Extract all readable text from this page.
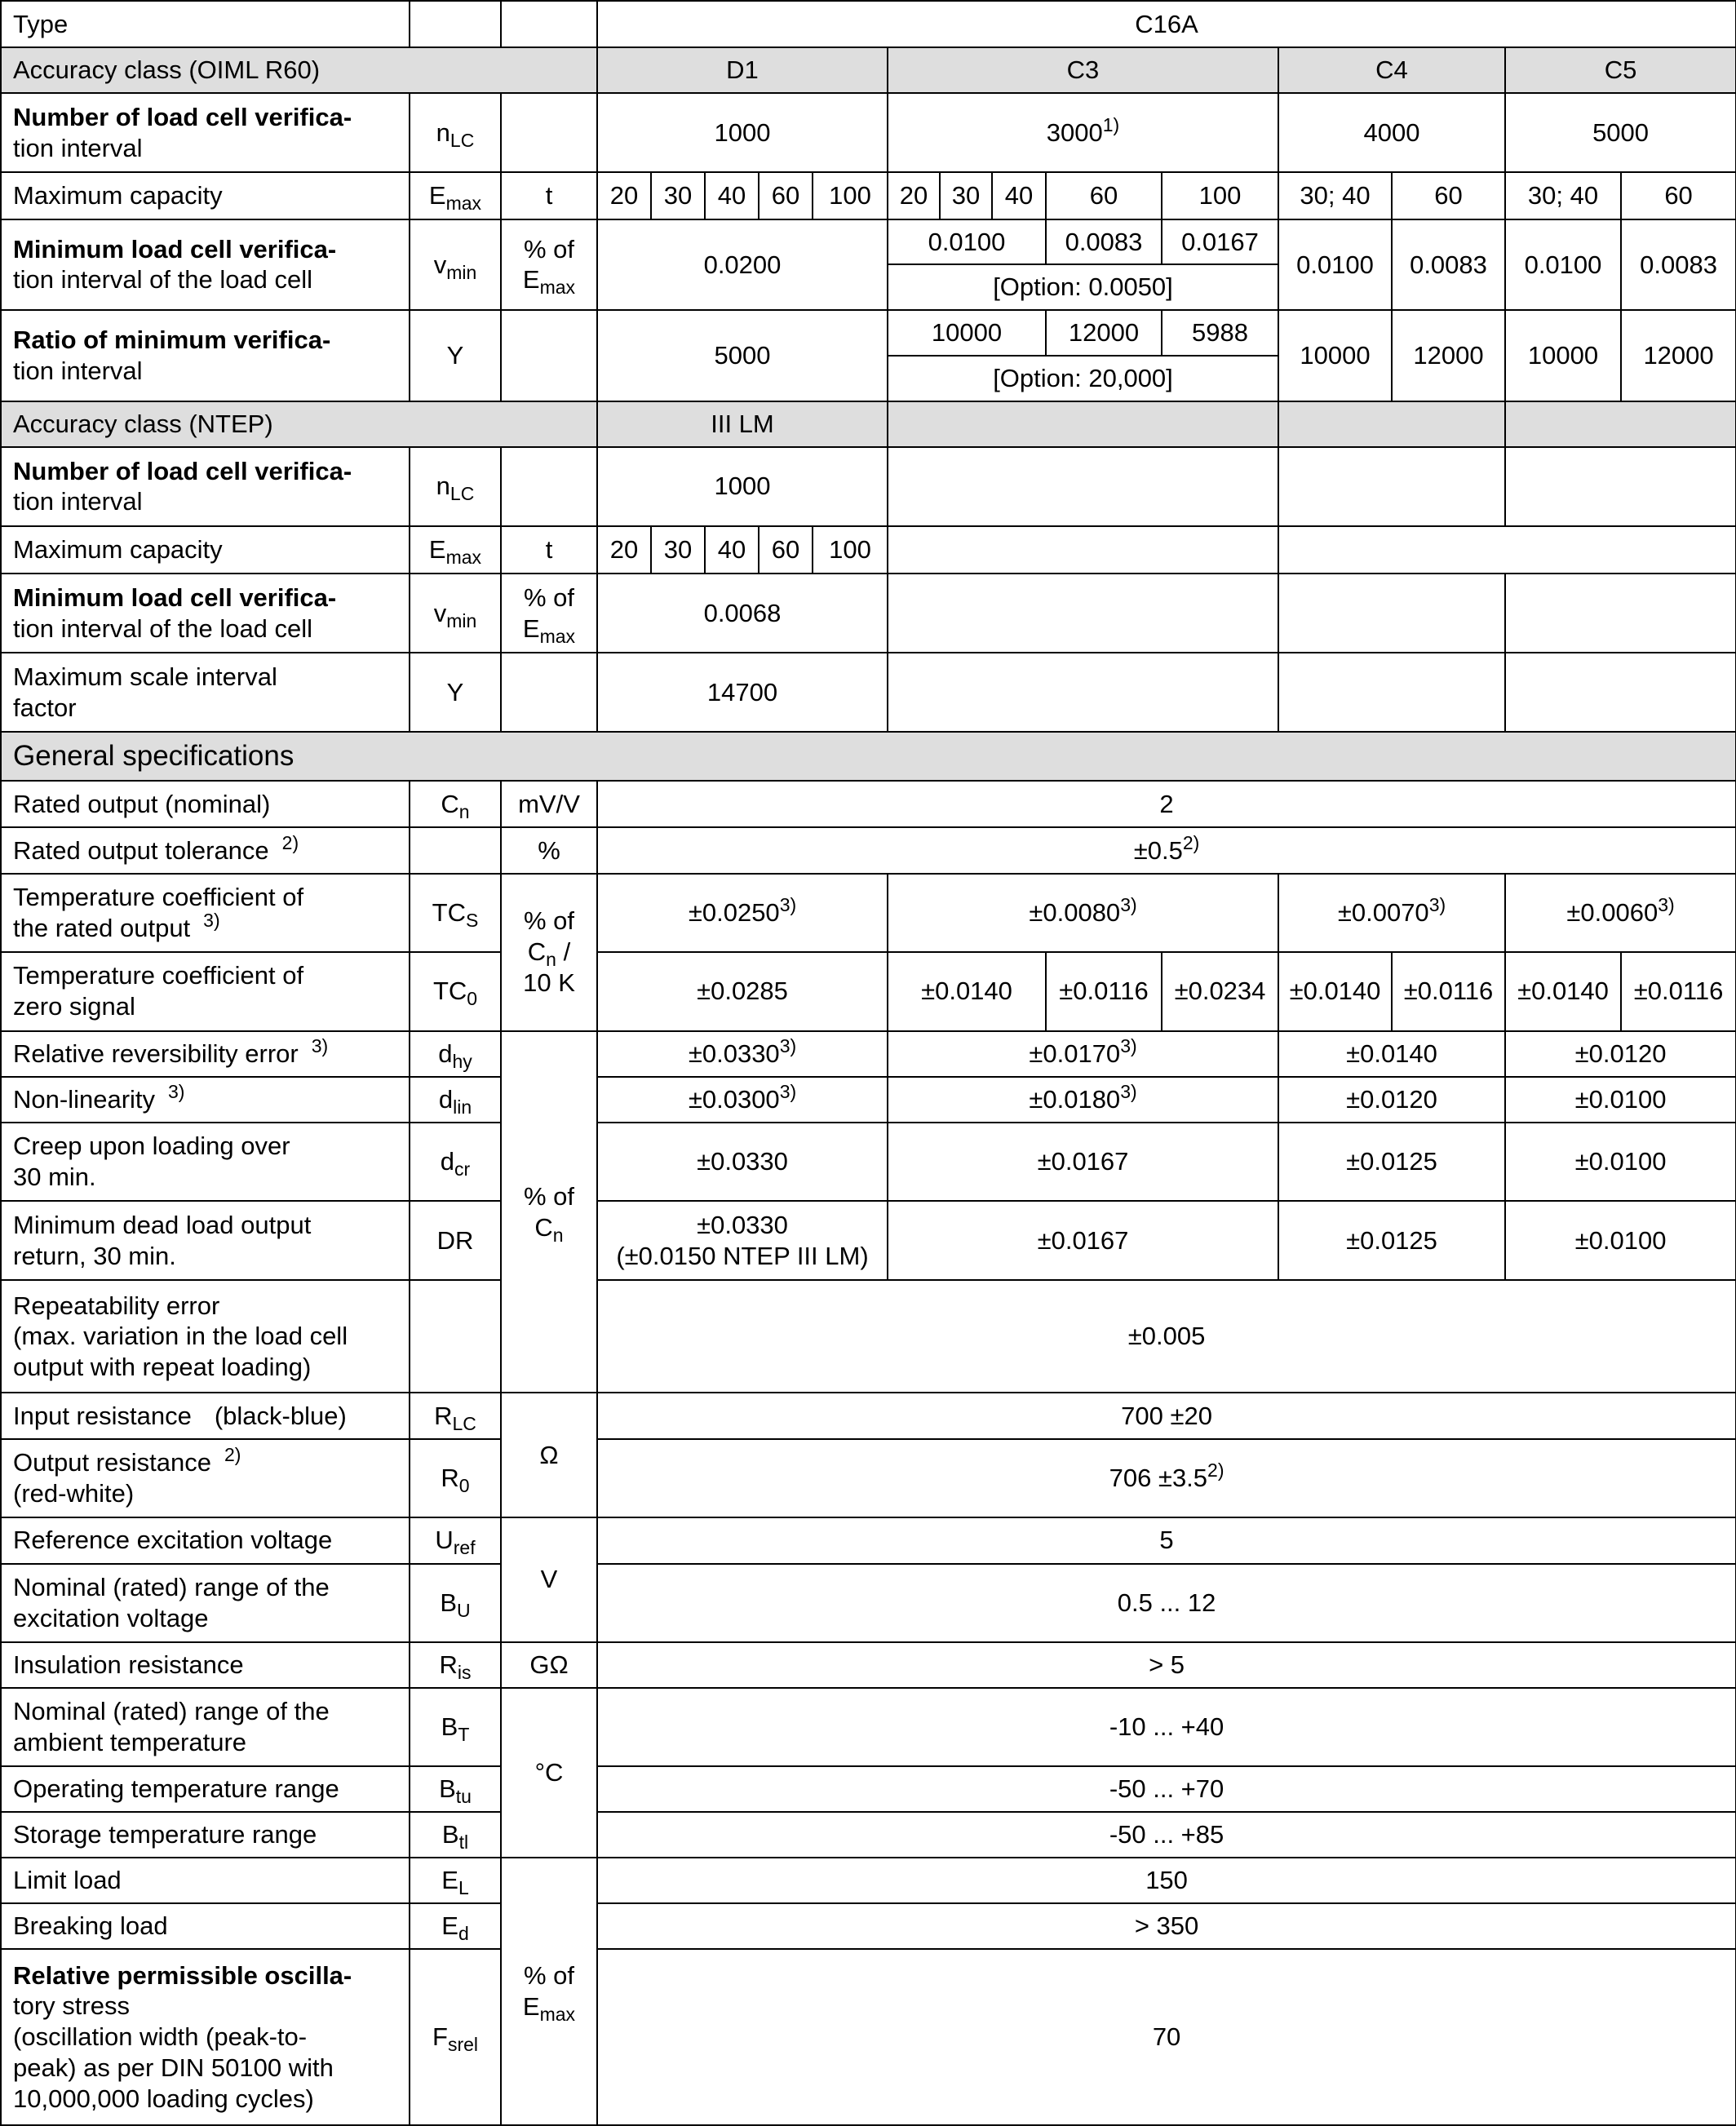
Type			C16A													
Accuracy class (OIML R60)			D1					C3					C4		C5	
Number of load cell verifica-
tion interval	$n_{LC}$		1000					3000$^{1)}$					4000		5000	
Maximum capacity	$E_{max}$	t	20	30	40	60	100	20	30	40	60	100	30; 40	60	30; 40	60
Minimum load cell verifica-
tion interval of the load cell	$v_{min}$	% of
$E_{max}$	0.0200					0.0100			0.0083	0.0167	0.0100	0.0083	0.0100	0.0083
								[Option: 0.0050]								
Ratio of minimum verifica-
tion interval	Y		5000					10000			12000	5988	10000	12000	10000	12000
								[Option: 20,000]								
Accuracy class (NTEP)			III LM													
Number of load cell verifica-
tion interval	$n_{LC}$		1000													
Maximum capacity	$E_{max}$	t	20	30	40	60	100									
Minimum load cell verifica-
tion interval of the load cell	$v_{min}$	% of
$E_{max}$	0.0068													
Maximum scale interval
factor	Y		14700													
General specifications																
Rated output (nominal)	$C_n$	mV/V	2													
Rated output tolerance $^{2)}$		%	$\pm 0.5^{2)}$
Temperature coefficient of
the rated output $^{3)}$	$TC_S$	% of
$C_n$ /
10 K	$\pm 0.0250^{3)}$					$\pm 0.0080^{3)}$					$\pm 0.0070^{3)}$		$\pm 0.0060^{3)}$
Temperature coefficient of
zero signal	$TC_0$		±0.0285					±0.0140			±0.0116	±0.0234	±0.0140	±0.0116	±0.0140	±0.0116
Relative reversibility error $^{3)}$	$d_{hy}$	% of
$C_n$	$\pm 0.0330^{3)}$					$\pm 0.0170^{3)}$					±0.0140		±0.0120	
Non-linearity $^{3)}$	$d_{lin}$		$\pm 0.0300^{3)}$					$\pm 0.0180^{3)}$					±0.0120		±0.0100	
Creep upon loading over
30 min.	$d_{cr}$		±0.0330					±0.0167					±0.0125		±0.0100	
Minimum dead load output
return, 30 min.	DR		±0.0330
(±0.0150 NTEP III LM)					±0.0167					±0.0125		±0.0100	
Repeatability error
(max. variation in the load cell
output with repeat loading)			±0.005													
Input resistance (black-blue)	$R_{LC}$	Ω	700 ±20													
Output resistance $^{2)}$
(red-white)	$R_0$		$706 \pm 3.5^{2)}$
Reference excitation voltage	$U_{ref}$	V	5													
Nominal (rated) range of the
excitation voltage	$B_U$		0.5 ... 12													
Insulation resistance	$R_{is}$	GΩ	> 5													
Nominal (rated) range of the
ambient temperature	$B_T$	°C	-10 ... +40													
Operating temperature range	$B_{tu}$		-50 ... +70													
Storage temperature range	$B_{tl}$		-50 ... +85													
Limit load	$E_L$	% of
$E_{max}$	150													
Breaking load	$E_d$		> 350													
Relative permissible oscilla-
tory stress
(oscillation width (peak-to-
peak) as per DIN 50100 with
10,000,000 loading cycles)	$F_{srel}$		70													
